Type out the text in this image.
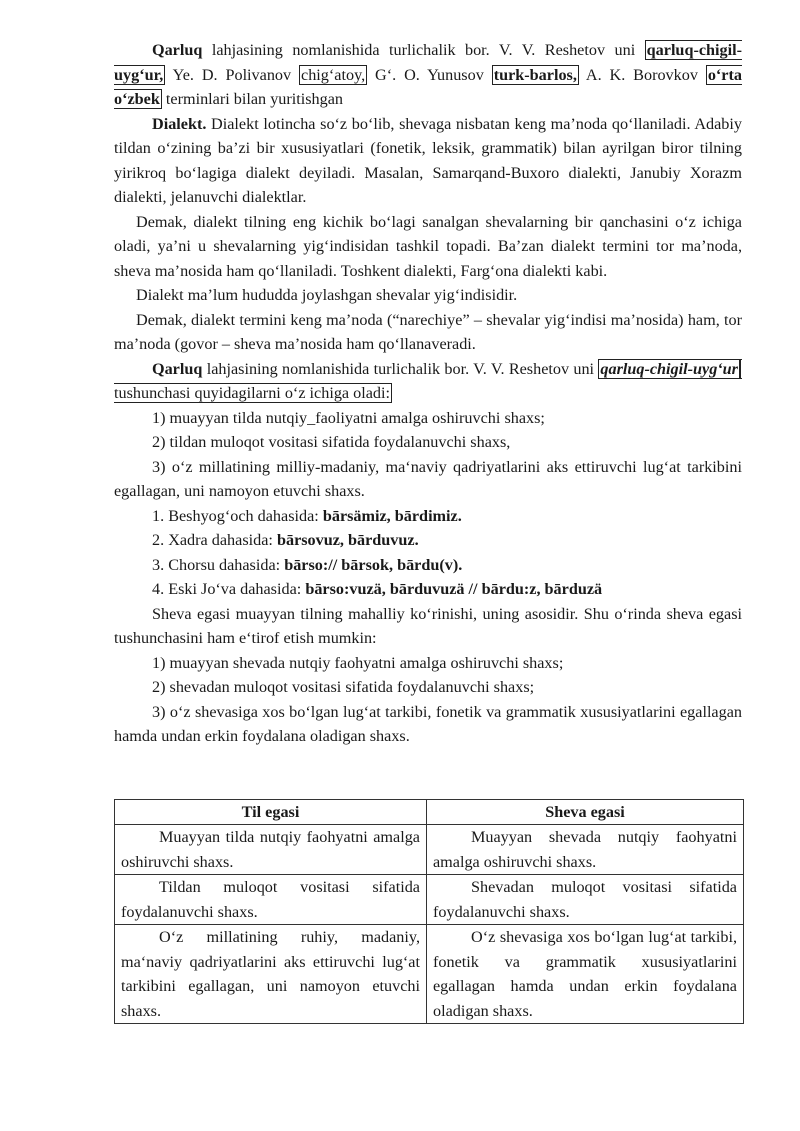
Qarluq lahjasining nomlanishida turlichalik bor. V. V. Reshetov uni qarluq-chigil-uyg‘ur, Ye. D. Polivanov chig‘atoy, G‘. O. Yunusov turk-barlos, A. K. Borovkov o‘rta o‘zbek terminlari bilan yuritishgan

Dialekt. Dialekt lotincha so‘z bo‘lib, shevaga nisbatan keng ma’noda qo‘llaniladi. Adabiy tildan o‘zining ba’zi bir xususiyatlari (fonetik, leksik, grammatik) bilan ayrilgan biror tilning yirikroq bo‘lagiga dialekt deyiladi. Masalan, Samarqand-Buxoro dialekti, Janubiy Xorazm dialekti, jelanuvchi dialektlar.

Demak, dialekt tilning eng kichik bo‘lagi sanalgan shevalarning bir qanchasini o‘z ichiga oladi, ya’ni u shevalarning yig‘indisidan tashkil topadi. Ba’zan dialekt termini tor ma’noda, sheva ma’nosida ham qo‘llaniladi. Toshkent dialekti, Farg‘ona dialekti kabi.

Dialekt ma’lum hududda joylashgan shevalar yig‘indisidir.

Demak, dialekt termini keng ma’noda (“narechiye” – shevalar yig‘indisi ma’nosida) ham, tor ma’noda (govor – sheva ma’nosida ham qo‘llanaveradi.

Qarluq lahjasining nomlanishida turlichalik bor. V. V. Reshetov uni qarluq-chigil-uyg‘ur tushunchasi quyidagilarni o‘z ichiga oladi:

1) muayyan tilda nutqiy_faoliyatni amalga oshiruvchi shaxs;

2) tildan muloqot vositasi sifatida foydalanuvchi shaxs,

3) o‘z millatining milliy-madaniy, ma‘naviy qadriyatlarini aks ettiruvchi lug‘at tarkibini egallagan, uni namoyon etuvchi shaxs.

1. Beshyog‘och dahasida: bārsämiz, bārdimiz.

2. Xadra dahasida: bārsovuz, bārduvuz.

3. Chorsu dahasida: bārso:// bārsok, bārdu(v).

4. Eski Jo‘va dahasida: bārso:vuzä, bārduvuzä // bārdu:z, bārduzä

Sheva egasi muayyan tilning mahalliy ko‘rinishi, uning asosidir. Shu o‘rinda sheva egasi tushunchasini ham e‘tirof etish mumkin:

1) muayyan shevada nutqiy faohyatni amalga oshiruvchi shaxs;

2) shevadan muloqot vositasi sifatida foydalanuvchi shaxs;

3) o‘z shevasiga xos bo‘lgan lug‘at tarkibi, fonetik va grammatik xususiyatlarini egallagan hamda undan erkin foydalana oladigan shaxs.

Til egasi	Sheva egasi

Muayyan tilda nutqiy faohyatni amalga oshiruvchi shaxs.	Muayyan shevada nutqiy faohyatni amalga oshiruvchi shaxs.

Tildan muloqot vositasi sifatida foydalanuvchi shaxs.	Shevadan muloqot vositasi sifatida foydalanuvchi shaxs.

O‘z millatining ruhiy, madaniy, ma‘naviy qadriyatlarini aks ettiruvchi lug‘at tarkibini egallagan, uni namoyon etuvchi shaxs.	O‘z shevasiga xos bo‘lgan lug‘at tarkibi, fonetik va grammatik xususiyatlarini egallagan hamda undan erkin foydalana oladigan shaxs.
